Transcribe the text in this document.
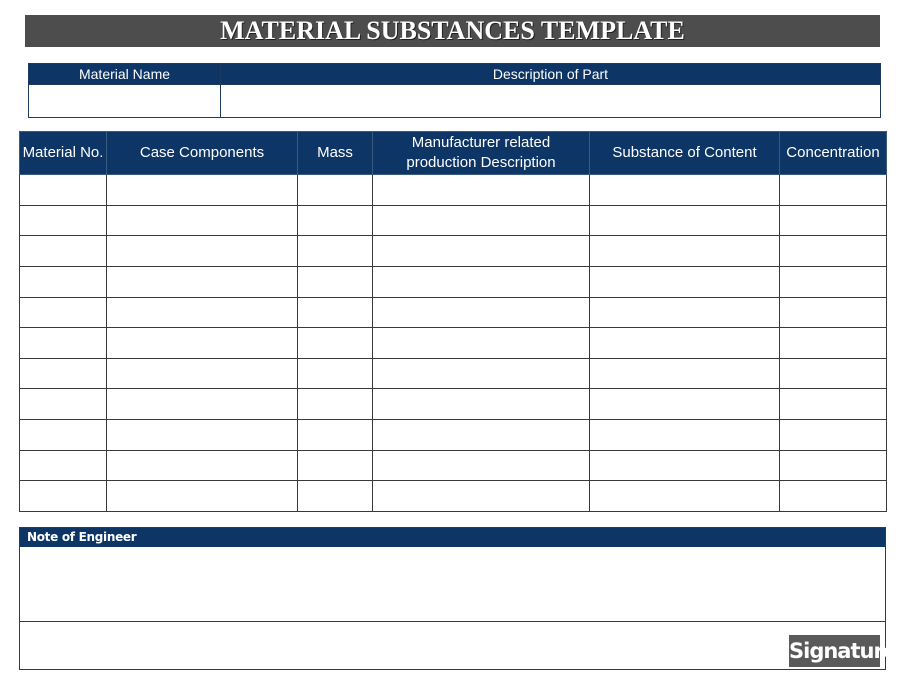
MATERIAL SUBSTANCES TEMPLATE
Material Name	Description of Part

Material No.	Case Components	Mass	Manufacturer related production Description	Substance of Content	Concentration

Note of Engineer
Signature
